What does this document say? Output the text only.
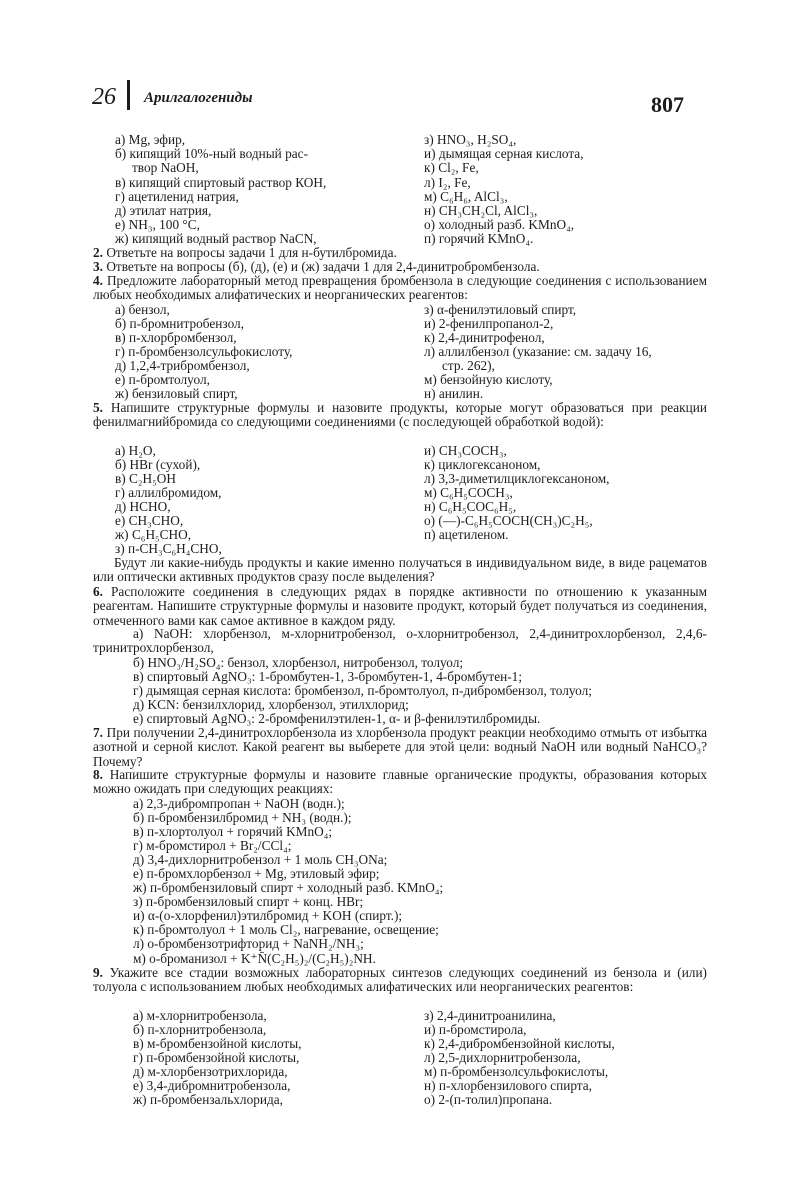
26 Арилгалогениды	807
а) Mg, эфир,
б) кипящий 10%-ный водный рас-
твор NaOH,
в) кипящий спиртовый раствор КОН,
г) ацетиленид натрия,
д) этилат натрия,
е) NH₃, 100 °C,
ж) кипящий водный раствор NaCN,
з) HNO₃, H₂SO₄,
и) дымящая серная кислота,
к) Cl₂, Fe,
л) I₂, Fe,
м) C₆H₆, AlCl₃,
н) CH₃CH₂Cl, AlCl₃,
о) холодный разб. KMnO₄,
п) горячий KMnO₄.
2. Ответьте на вопросы задачи 1 для н-бутилбромида.
3. Ответьте на вопросы (б), (д), (е) и (ж) задачи 1 для 2,4-динитробромбензола.
4. Предложите лабораторный метод превращения бромбензола в следующие соединения с использованием любых необходимых алифатических и неорганических реагентов:
а) бензол,
б) п-бромнитробензол,
в) п-хлорбромбензол,
г) п-бромбензолсульфокислоту,
д) 1,2,4-трибромбензол,
е) п-бромтолуол,
ж) бензиловый спирт,
з) α-фенилэтиловый спирт,
и) 2-фенилпропанол-2,
к) 2,4-динитрофенол,
л) аллилбензол (указание: см. задачу 16,
стр. 262),
м) бензойную кислоту,
н) анилин.
5. Напишите структурные формулы и назовите продукты, которые могут образоваться при реакции фенилмагнийбромида со следующими соединениями (с последующей обработкой водой):
а) H₂O,
б) HBr (сухой),
в) C₂H₅OH
г) аллилбромидом,
д) HCHO,
е) CH₃CHO,
ж) C₆H₅CHO,
з) п-CH₃C₆H₄CHO,
и) CH₃COCH₃,
к) циклогексаноном,
л) 3,3-диметилциклогексаноном,
м) C₆H₅COCH₃,
н) C₆H₅COC₆H₅,
о) (—)-C₆H₅COCH(CH₃)C₂H₅,
п) ацетиленом.
Будут ли какие-нибудь продукты и какие именно получаться в индивидуальном виде, в виде рацематов или оптически активных продуктов сразу после выделения?
6. Расположите соединения в следующих рядах в порядке активности по отношению к указанным реагентам. Напишите структурные формулы и назовите продукт, который будет получаться из соединения, отмеченного вами как самое активное в каждом ряду.
а) NaOH: хлорбензол, м-хлорнитробензол, о-хлорнитробензол, 2,4-динитрохлорбензол, 2,4,6-тринитрохлорбензол,
б) HNO₃/H₂SO₄: бензол, хлорбензол, нитробензол, толуол;
в) спиртовый AgNO₃: 1-бромбутен-1, 3-бромбутен-1, 4-бромбутен-1;
г) дымящая серная кислота: бромбензол, п-бромтолуол, п-дибромбензол, толуол;
д) KCN: бензилхлорид, хлорбензол, этилхлорид;
е) спиртовый AgNO₃: 2-бромфенилэтилен-1, α- и β-фенилэтилбромиды.
7. При получении 2,4-динитрохлорбензола из хлорбензола продукт реакции необходимо отмыть от избытка азотной и серной кислот. Какой реагент вы выберете для этой цели: водный NaOH или водный NaHCO₃? Почему?
8. Напишите структурные формулы и назовите главные органические продукты, образования которых можно ожидать при следующих реакциях:
а) 2,3-дибромпропан + NaOH (водн.);
б) п-бромбензилбромид + NH₃ (водн.);
в) п-хлортолуол + горячий KMnO₄;
г) м-бромстирол + Br₂/CCl₄;
д) 3,4-дихлорнитробензол + 1 моль CH₃ONa;
е) п-бромхлорбензол + Mg, этиловый эфир;
ж) п-бромбензиловый спирт + холодный разб. KMnO₄;
з) п-бромбензиловый спирт + конц. HBr;
и) α-(о-хлорфенил)этилбромид + KOH (спирт.);
к) п-бромтолуол + 1 моль Cl₂, нагревание, освещение;
л) о-бромбензотрифторид + NaNH₂/NH₃;
м) о-броманизол + K⁺N̄(C₂H₅)₂/(C₂H₅)₂NH.
9. Укажите все стадии возможных лабораторных синтезов следующих соединений из бензола и (или) толуола с использованием любых необходимых алифатических или неорганических реагентов:
а) м-хлорнитробензола,
б) п-хлорнитробензола,
в) м-бромбензойной кислоты,
г) п-бромбензойной кислоты,
д) м-хлорбензотрихлорида,
е) 3,4-дибромнитробензола,
ж) п-бромбензальхлорида,
з) 2,4-динитроанилина,
и) п-бромстирола,
к) 2,4-дибромбензойной кислоты,
л) 2,5-дихлорнитробензола,
м) п-бромбензолсульфокислоты,
н) п-хлорбензилового спирта,
о) 2-(п-толил)пропана.
